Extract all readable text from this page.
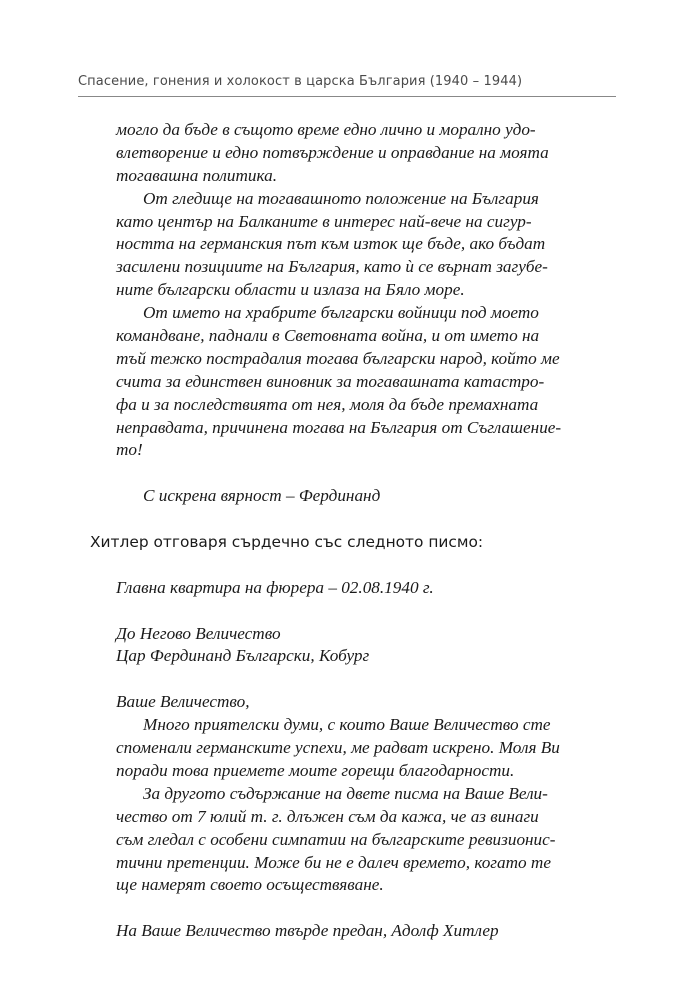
Спасение, гонения и холокост в царска България (1940 – 1944)
могло да бъде в същото време едно лично и морално удо-
влетворение и едно потвърждение и оправдание на моята
тогавашна политика.
От гледище на тогавашното положение на България
като център на Балканите в интерес най-вече на сигур-
ността на германския път към изток ще бъде, ако бъдат
засилени позициите на България, като ѝ се върнат загубе-
ните български области и излаза на Бяло море.
От името на храбрите български войници под моето
командване, паднали в Световната война, и от името на
тъй тежко пострадалия тогава български народ, който ме
счита за единствен виновник за тогавашната катастро-
фа и за последствията от нея, моля да бъде премахната
неправдата, причинена тогава на България от Съглашение-
то!
С искрена вярност – Фердинанд
Хитлер отговаря сърдечно със следното писмо:
Главна квартира на фюрера – 02.08.1940 г.
До Негово Величество
Цар Фердинанд Български, Кобург
Ваше Величество,
Много приятелски думи, с които Ваше Величество сте
споменали германските успехи, ме радват искрено. Моля Ви
поради това приемете моите горещи благодарности.
За другото съдържание на двете писма на Ваше Вели-
чество от 7 юлий т. г. длъжен съм да кажа, че аз винаги
съм гледал с особени симпатии на българските ревизионис-
тични претенции. Може би не е далеч времето, когато те
ще намерят своето осъществяване.
На Ваше Величество твърде предан, Адолф Хитлер
